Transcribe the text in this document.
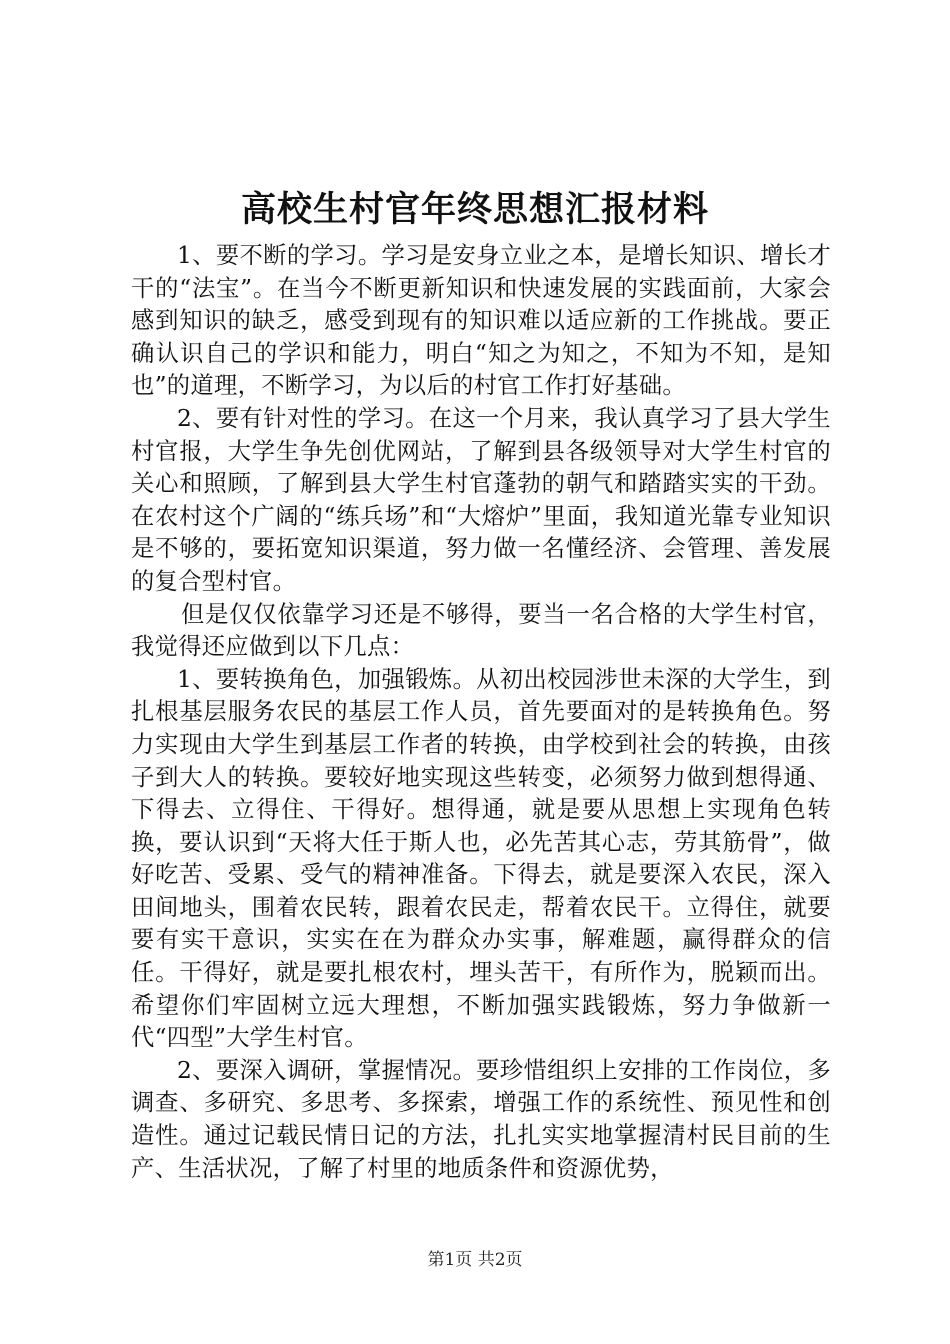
高校生村官年终思想汇报材料

1、要不断的学习。学习是安身立业之本，是增长知识、增长才干的“法宝”。在当今不断更新知识和快速发展的实践面前，大家会感到知识的缺乏，感受到现有的知识难以适应新的工作挑战。要正确认识自己的学识和能力，明白“知之为知之，不知为不知，是知也”的道理，不断学习，为以后的村官工作打好基础。

2、要有针对性的学习。在这一个月来，我认真学习了县大学生村官报，大学生争先创优网站，了解到县各级领导对大学生村官的关心和照顾，了解到县大学生村官蓬勃的朝气和踏踏实实的干劲。在农村这个广阔的“练兵场”和“大熔炉”里面，我知道光靠专业知识是不够的，要拓宽知识渠道，努力做一名懂经济、会管理、善发展的复合型村官。

但是仅仅依靠学习还是不够得，要当一名合格的大学生村官，我觉得还应做到以下几点：

1、要转换角色，加强锻炼。从初出校园涉世未深的大学生，到扎根基层服务农民的基层工作人员，首先要面对的是转换角色。努力实现由大学生到基层工作者的转换，由学校到社会的转换，由孩子到大人的转换。要较好地实现这些转变，必须努力做到想得通、下得去、立得住、干得好。想得通，就是要从思想上实现角色转换，要认识到“天将大任于斯人也，必先苦其心志，劳其筋骨”，做好吃苦、受累、受气的精神准备。下得去，就是要深入农民，深入田间地头，围着农民转，跟着农民走，帮着农民干。立得住，就要要有实干意识，实实在在为群众办实事，解难题，赢得群众的信任。干得好，就是要扎根农村，埋头苦干，有所作为，脱颖而出。希望你们牢固树立远大理想，不断加强实践锻炼，努力争做新一代“四型”大学生村官。

2、要深入调研，掌握情况。要珍惜组织上安排的工作岗位，多调查、多研究、多思考、多探索，增强工作的系统性、预见性和创造性。通过记载民情日记的方法，扎扎实实地掌握清村民目前的生产、生活状况，了解了村里的地质条件和资源优势，

第1页 共2页
